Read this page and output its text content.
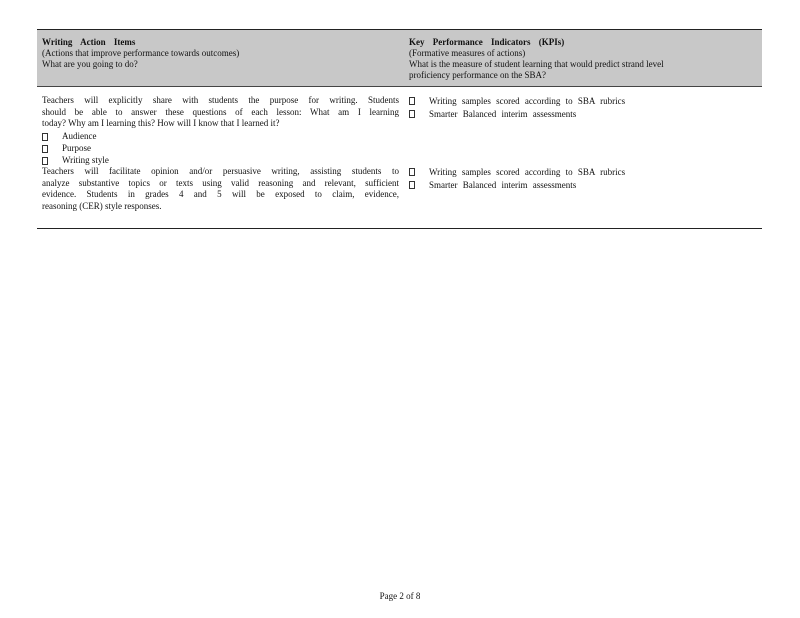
Writing Action Items
(Actions that improve performance towards outcomes)
What are you going to do?
Key Performance Indicators (KPIs)
(Formative measures of actions)
What is the measure of student learning that would predict strand level
proficiency performance on the SBA?
Teachers will explicitly share with students the purpose for writing. Students
should be able to answer these questions of each lesson: What am I learning
today? Why am I learning this? How will I know that I learned it?
Audience
Purpose
Writing style
Writing samples scored according to SBA rubrics
Smarter Balanced interim assessments
Teachers will facilitate opinion and/or persuasive writing, assisting students to
analyze substantive topics or texts using valid reasoning and relevant, sufficient
evidence. Students in grades 4 and 5 will be exposed to claim, evidence,
reasoning (CER) style responses.
Writing samples scored according to SBA rubrics
Smarter Balanced interim assessments
Page 2 of 8
